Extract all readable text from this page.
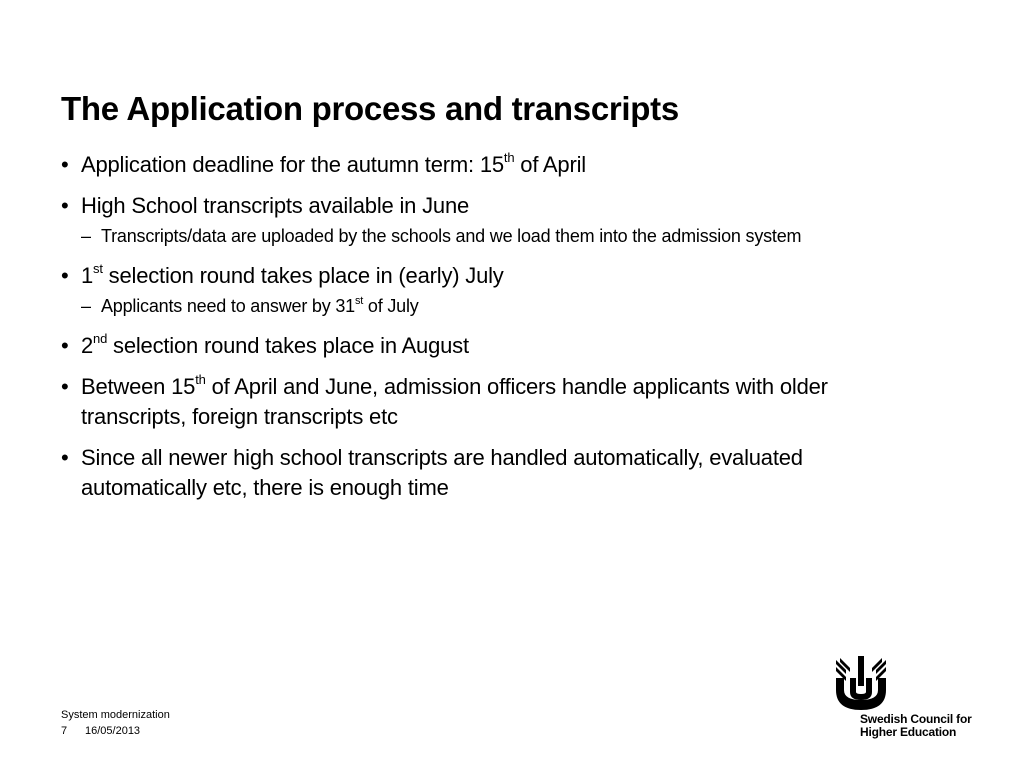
The Application process and transcripts
• Application deadline for the autumn term: 15th of April
• High School transcripts available in June
– Transcripts/data are uploaded by the schools and we load them into the admission system
• 1st selection round takes place in (early) July
– Applicants need to answer by 31st of July
• 2nd selection round takes place in August
• Between 15th of April and June, admission officers handle applicants with older transcripts, foreign transcripts etc
• Since all newer high school transcripts are handled automatically, evaluated automatically etc, there is enough time
System modernization
7 16/05/2013
Swedish Council for
Higher Education
